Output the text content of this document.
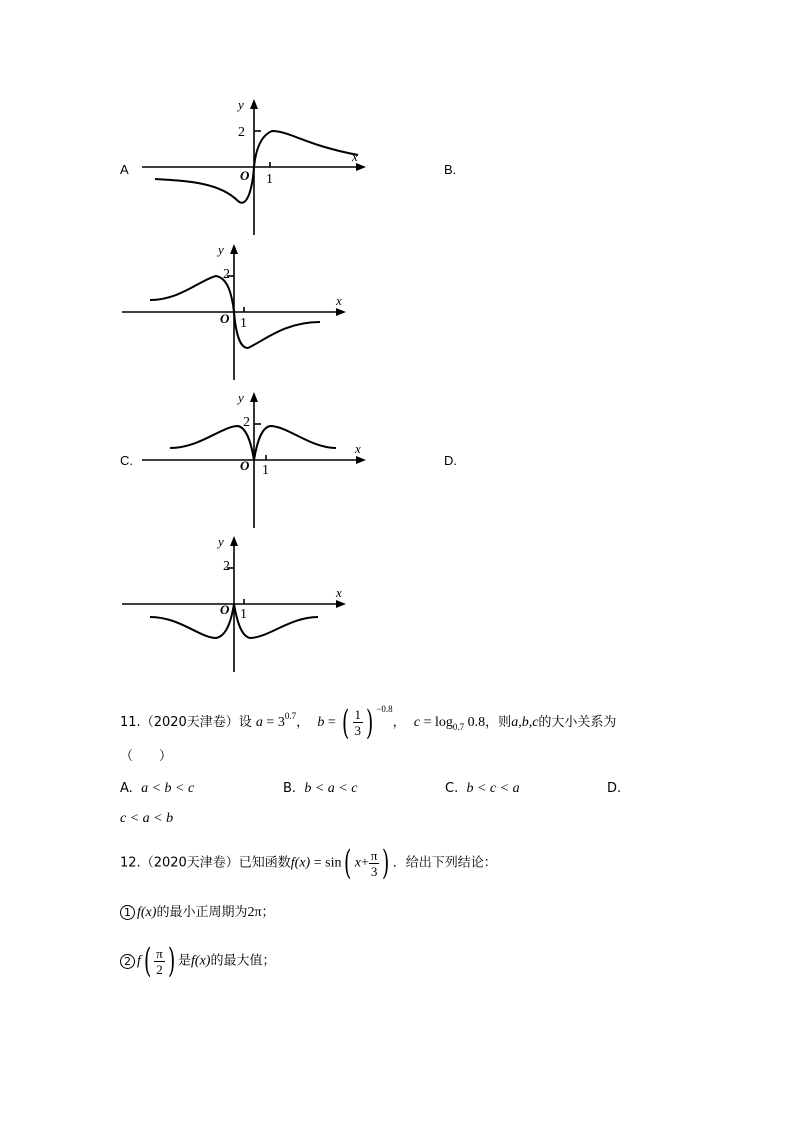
A	B.
C.	D.
y
x
O
2
1
y
x
O
2
1
y
x
O
2
1
y
x
O
2
1
11.（2020天津卷）设 $a = 3^{0.7}$， b = ( $\frac{1}{3}$ ) $^{-0.8}$， $c = \log_{0.7} 0.8$，则a,b,c的大小关系为
（　　）
A. a < b < c	B. b < a < c	C. b < c < a	D.
c < a < b
12.（2020天津卷）已知函数f(x) = sin( $x+ \frac{\pi}{3}$ ) ．给出下列结论：
1 f(x)的最小正周期为2π；
2 $f( \frac{\pi}{2}$ ) 是f(x)的最大值；
